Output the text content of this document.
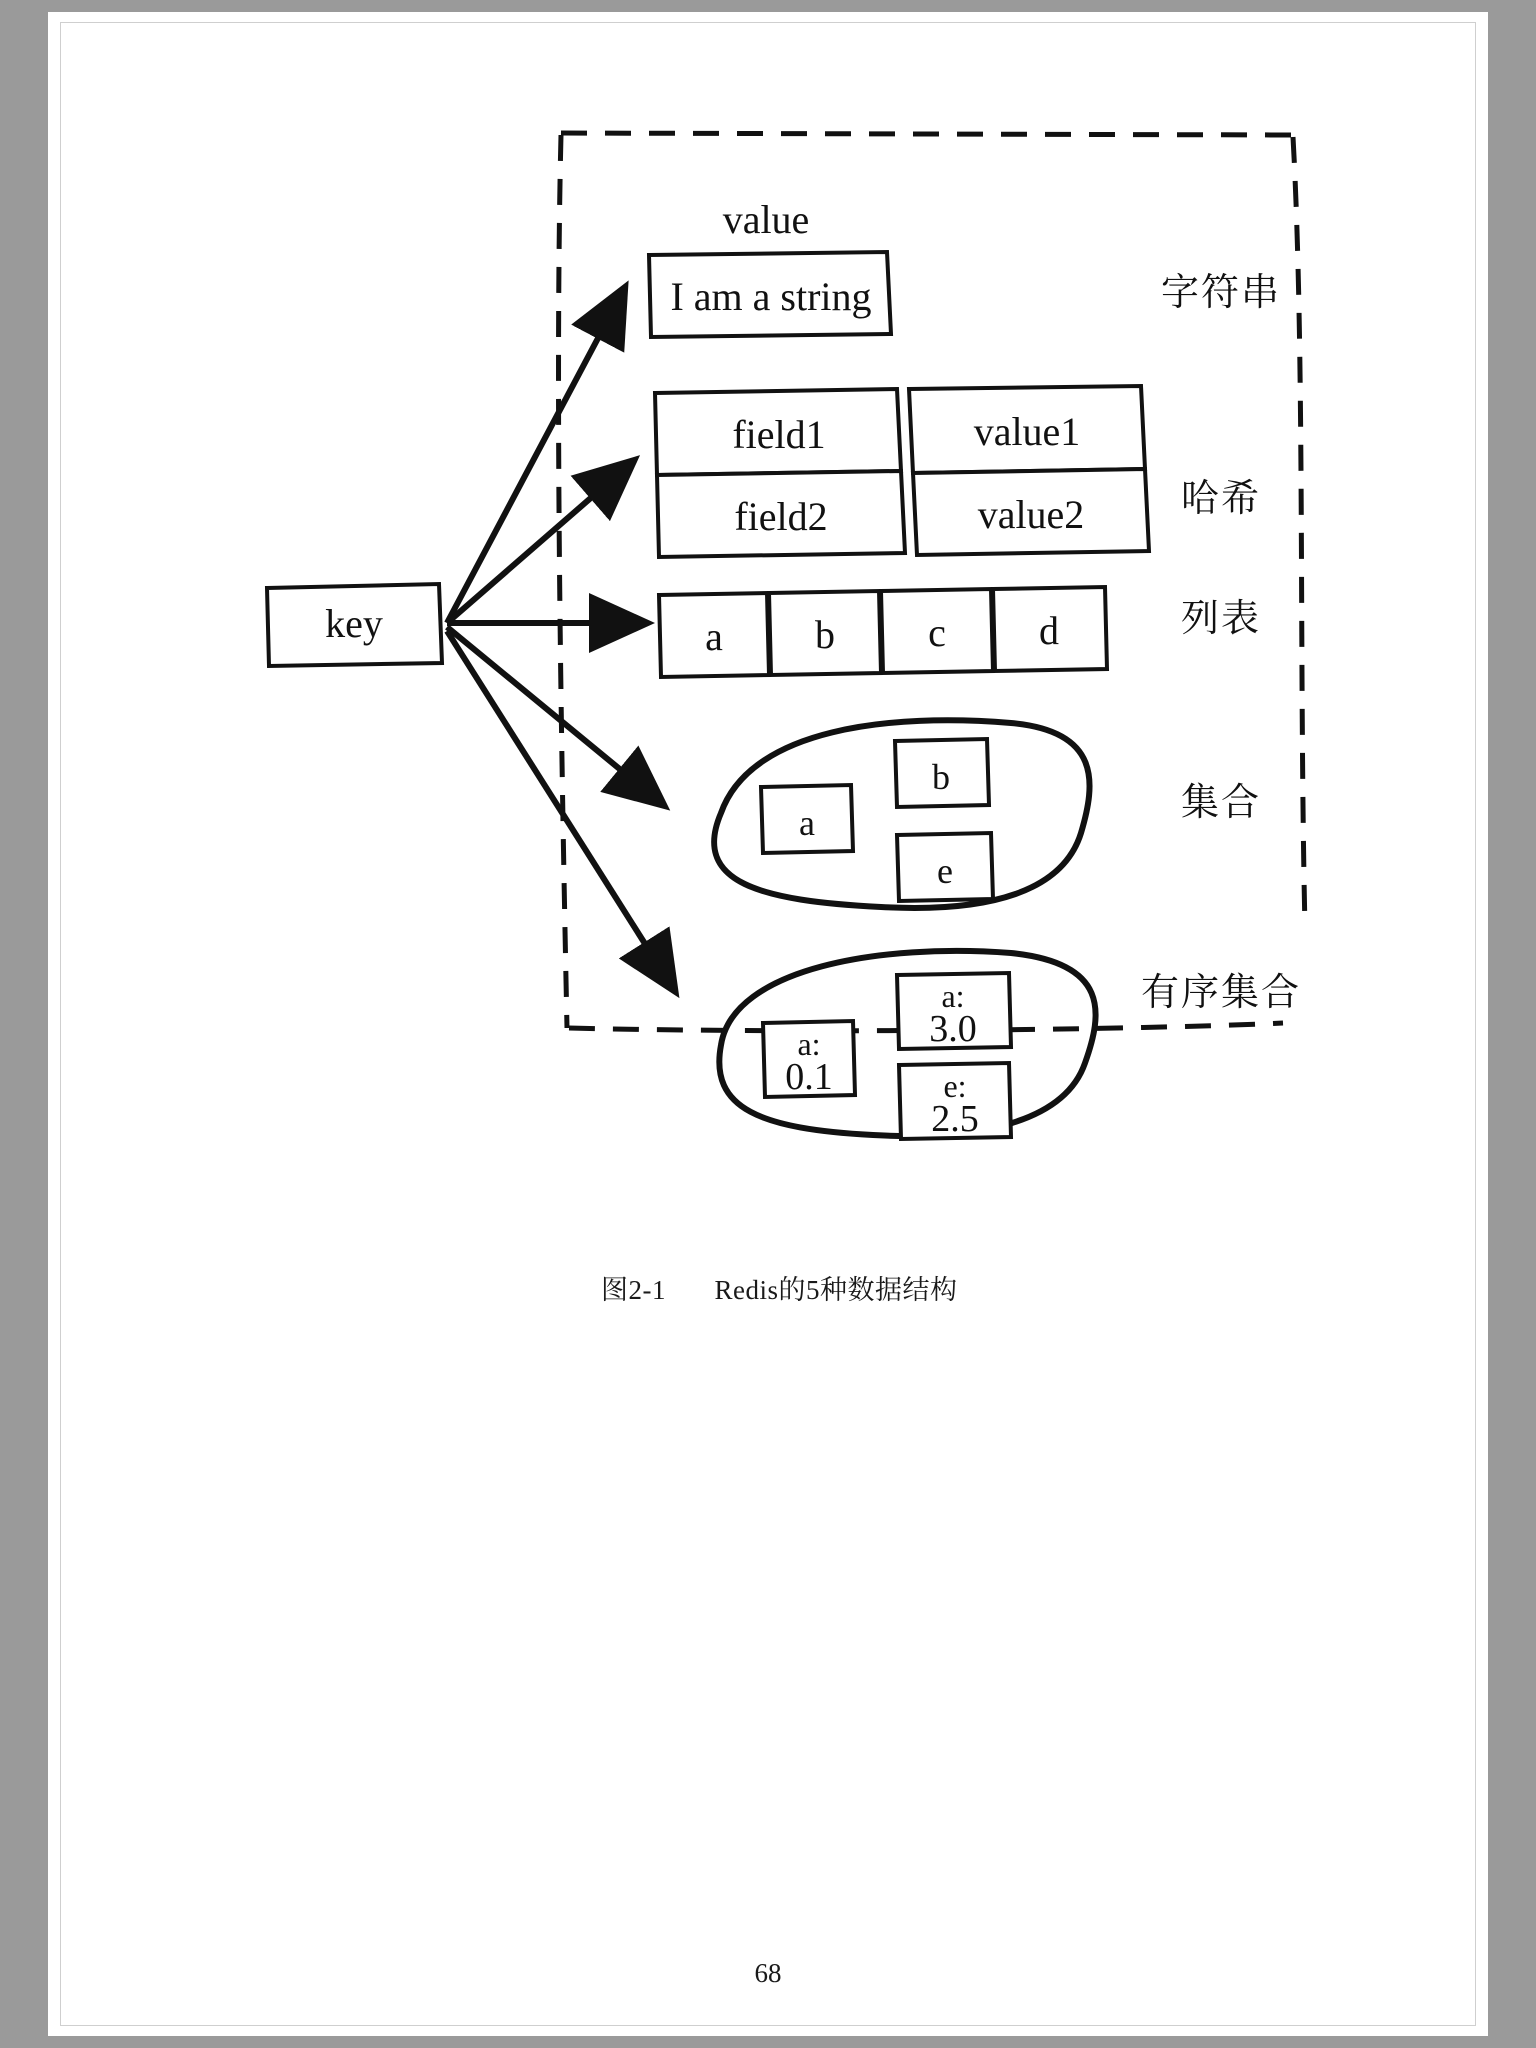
key
value
I am a string	字符串
field1	value1
field2	value2	哈希
a b c d	列表
a
b
e
集合
a:
0.1
a:
3.0
e:
2.5
有序集合
图2-1 Redis的5种数据结构
68
